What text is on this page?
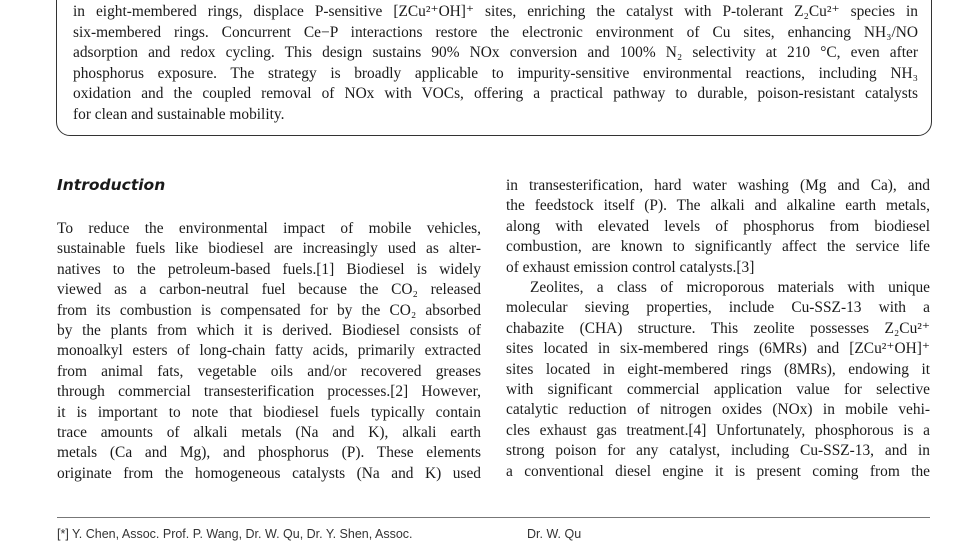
in eight-membered rings, displace P-sensitive [ZCu²⁺OH]⁺ sites, enriching the catalyst with P-tolerant Z₂Cu²⁺ species in
six-membered rings. Concurrent Ce−P interactions restore the electronic environment of Cu sites, enhancing NH₃/NO
adsorption and redox cycling. This design sustains 90% NOx conversion and 100% N₂ selectivity at 210 °C, even after
phosphorus exposure. The strategy is broadly applicable to impurity-sensitive environmental reactions, including NH₃
oxidation and the coupled removal of NOx with VOCs, offering a practical pathway to durable, poison-resistant catalysts
for clean and sustainable mobility.
Introduction
To reduce the environmental impact of mobile vehicles,
sustainable fuels like biodiesel are increasingly used as alter-
natives to the petroleum-based fuels.[1] Biodiesel is widely
viewed as a carbon-neutral fuel because the CO₂ released
from its combustion is compensated for by the CO₂ absorbed
by the plants from which it is derived. Biodiesel consists of
monoalkyl esters of long-chain fatty acids, primarily extracted
from animal fats, vegetable oils and/or recovered greases
through commercial transesterification processes.[2] However,
it is important to note that biodiesel fuels typically contain
trace amounts of alkali metals (Na and K), alkali earth
metals (Ca and Mg), and phosphorus (P). These elements
originate from the homogeneous catalysts (Na and K) used
in transesterification, hard water washing (Mg and Ca), and
the feedstock itself (P). The alkali and alkaline earth metals,
along with elevated levels of phosphorus from biodiesel
combustion, are known to significantly affect the service life
of exhaust emission control catalysts.[3]
Zeolites, a class of microporous materials with unique
molecular sieving properties, include Cu-SSZ-13 with a
chabazite (CHA) structure. This zeolite possesses Z₂Cu²⁺
sites located in six-membered rings (6MRs) and [ZCu²⁺OH]⁺
sites located in eight-membered rings (8MRs), endowing it
with significant commercial application value for selective
catalytic reduction of nitrogen oxides (NOx) in mobile vehi-
cles exhaust gas treatment.[4] Unfortunately, phosphorous is a
strong poison for any catalyst, including Cu-SSZ-13, and in
a conventional diesel engine it is present coming from the
[*] Y. Chen, Assoc. Prof. P. Wang, Dr. W. Qu, Dr. Y. Shen, Assoc.	Dr. W. Qu
